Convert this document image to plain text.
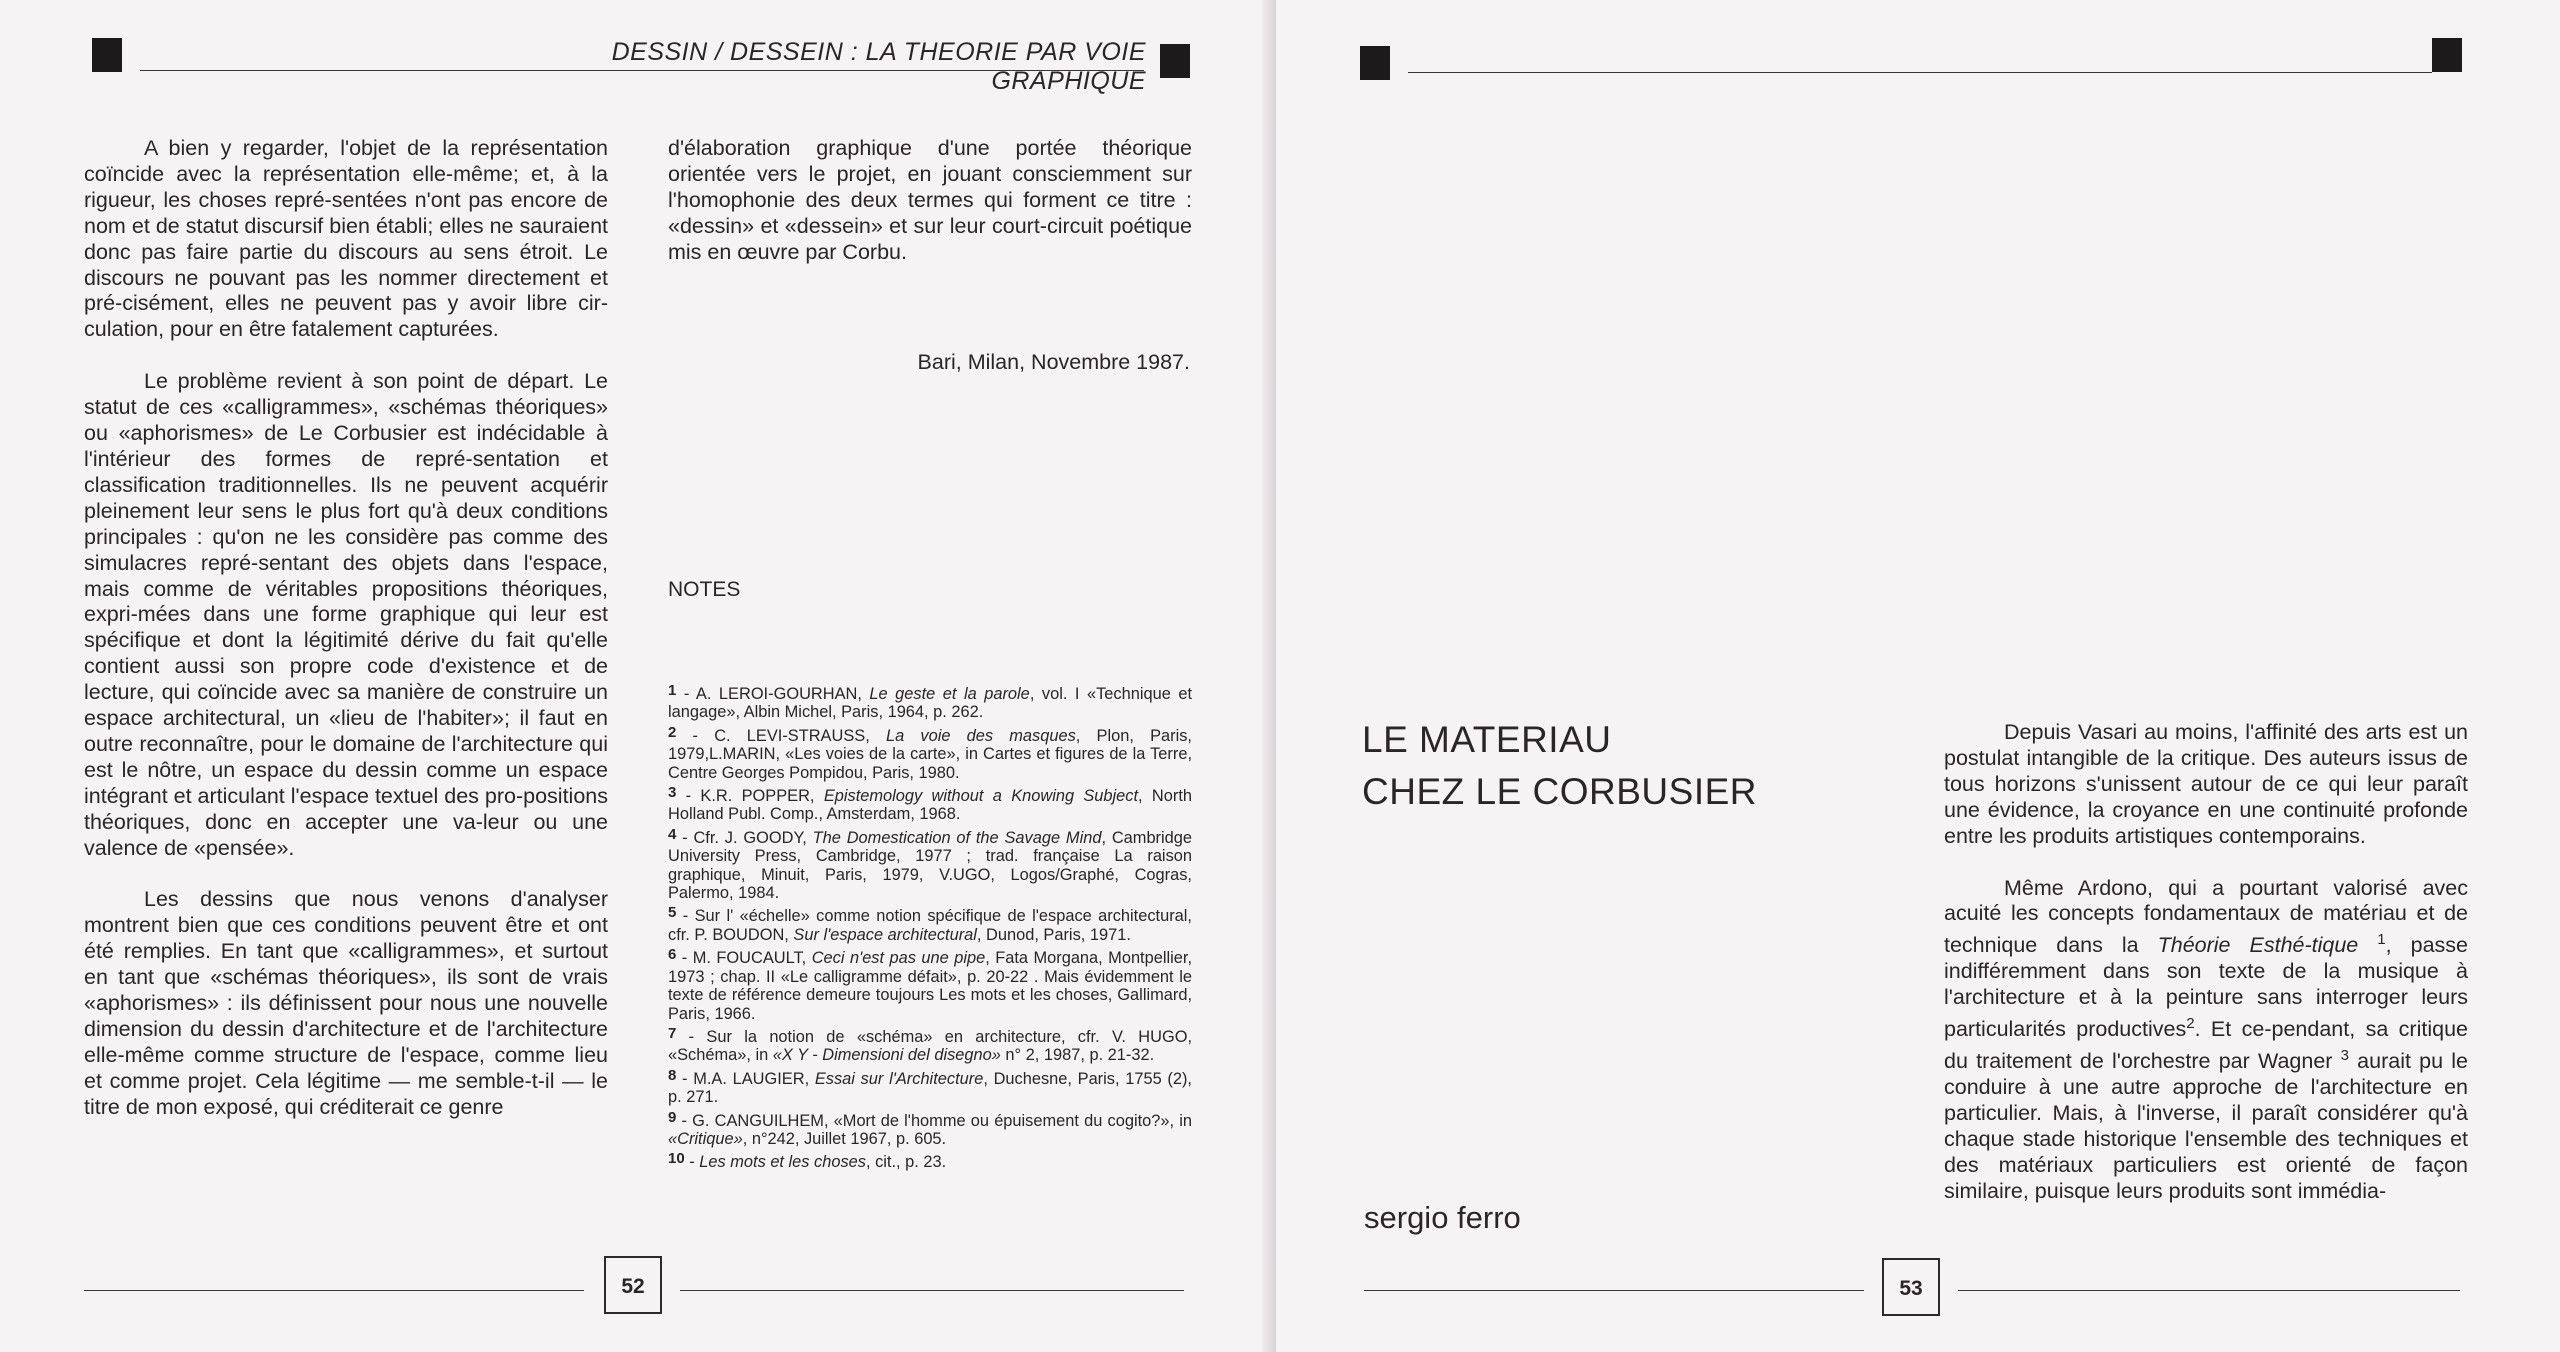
DESSIN / DESSEIN : LA THEORIE PAR VOIE GRAPHIQUE

A bien y regarder, l'objet de la représentation coïncide avec la représentation elle-même; et, à la rigueur, les choses repré-sentées n'ont pas encore de nom et de statut discursif bien établi; elles ne sauraient donc pas faire partie du discours au sens étroit. Le discours ne pouvant pas les nommer directement et pré-cisément, elles ne peuvent pas y avoir libre cir-culation, pour en être fatalement capturées.

Le problème revient à son point de départ. Le statut de ces «calligrammes», «schémas théoriques» ou «aphorismes» de Le Corbusier est indécidable à l'intérieur des formes de repré-sentation et classification traditionnelles. Ils ne peuvent acquérir pleinement leur sens le plus fort qu'à deux conditions principales : qu'on ne les considère pas comme des simulacres repré-sentant des objets dans l'espace, mais comme de véritables propositions théoriques, expri-mées dans une forme graphique qui leur est spécifique et dont la légitimité dérive du fait qu'elle contient aussi son propre code d'existence et de lecture, qui coïncide avec sa manière de construire un espace architectural, un «lieu de l'habiter»; il faut en outre reconnaître, pour le domaine de l'architecture qui est le nôtre, un espace du dessin comme un espace intégrant et articulant l'espace textuel des pro-positions théoriques, donc en accepter une va-leur ou une valence de «pensée».

Les dessins que nous venons d'analyser montrent bien que ces conditions peuvent être et ont été remplies. En tant que «calligrammes», et surtout en tant que «schémas théoriques», ils sont de vrais «aphorismes» : ils définissent pour nous une nouvelle dimension du dessin d'architecture et de l'architecture elle-même comme structure de l'espace, comme lieu et comme projet. Cela légitime — me semble-t-il — le titre de mon exposé, qui créditerait ce genre

d'élaboration graphique d'une portée théorique orientée vers le projet, en jouant consciemment sur l'homophonie des deux termes qui forment ce titre : «dessin» et «dessein» et sur leur court-circuit poétique mis en œuvre par Corbu.

Bari, Milan, Novembre 1987.
NOTES

$^1$ - A. LEROI-GOURHAN, Le geste et la parole, vol. I «Technique et langage», Albin Michel, Paris, 1964, p. 262.

$^2$ - C. LEVI-STRAUSS, La voie des masques, Plon, Paris, 1979,L.MARIN, «Les voies de la carte», in Cartes et figures de la Terre, Centre Georges Pompidou, Paris, 1980.

$^3$ - K.R. POPPER, Epistemology without a Knowing Subject, North Holland Publ. Comp., Amsterdam, 1968.

$^4$ - Cfr. J. GOODY, The Domestication of the Savage Mind, Cambridge University Press, Cambridge, 1977 ; trad. française La raison graphique, Minuit, Paris, 1979, V.UGO, Logos/Graphé, Cogras, Palermo, 1984.

$^5$ - Sur l' «échelle» comme notion spécifique de l'espace architectural, cfr. P. BOUDON, Sur l'espace architectural, Dunod, Paris, 1971.

$^6$ - M. FOUCAULT, Ceci n'est pas une pipe, Fata Morgana, Montpellier, 1973 ; chap. II «Le calligramme défait», p. 20-22 . Mais évidemment le texte de référence demeure toujours Les mots et les choses, Gallimard, Paris, 1966.

$^7$ - Sur la notion de «schéma» en architecture, cfr. V. HUGO, «Schéma», in «X Y - Dimensioni del disegno» n° 2, 1987, p. 21-32.

$^8$ - M.A. LAUGIER, Essai sur l'Architecture, Duchesne, Paris, 1755 (2), p. 271.

$^9$ - G. CANGUILHEM, «Mort de l'homme ou épuisement du cogito?», in «Critique», n°242, Juillet 1967, p. 605.

$^{10}$ - Les mots et les choses, cit., p. 23.

52	53
LE MATERIAU
CHEZ LE CORBUSIER
sergio ferro

Depuis Vasari au moins, l'affinité des arts est un postulat intangible de la critique. Des auteurs issus de tous horizons s'unissent autour de ce qui leur paraît une évidence, la croyance en une continuité profonde entre les produits artistiques contemporains.

Même Ardono, qui a pourtant valorisé avec acuité les concepts fondamentaux de matériau et de technique dans la Théorie Esthé-tique $^1$, passe indifféremment dans son texte de la musique à l'architecture et à la peinture sans interroger leurs particularités productives$^2$. Et ce-pendant, sa critique du traitement de l'orchestre par Wagner $^3$ aurait pu le conduire à une autre approche de l'architecture en particulier. Mais, à l'inverse, il paraît considérer qu'à chaque stade historique l'ensemble des techniques et des matériaux particuliers est orienté de façon similaire, puisque leurs produits sont immédia-
